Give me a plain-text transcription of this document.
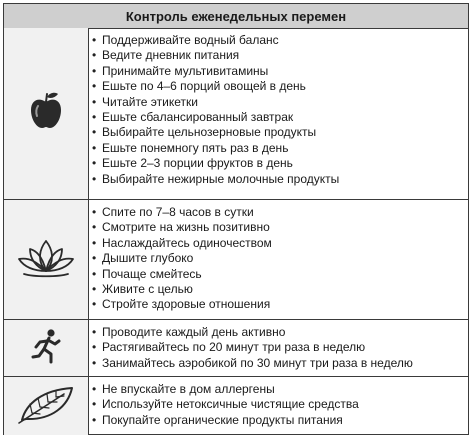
Контроль еженедельных перемен
• Поддерживайте водный баланс
• Ведите дневник питания
• Принимайте мультивитамины
• Ешьте по 4–6 порций овощей в день
• Читайте этикетки
• Ешьте сбалансированный завтрак
• Выбирайте цельнозерновые продукты
• Ешьте понемногу пять раз в день
• Ешьте 2–3 порции фруктов в день
• Выбирайте нежирные молочные продукты
• Спите по 7–8 часов в сутки
• Смотрите на жизнь позитивно
• Наслаждайтесь одиночеством
• Дышите глубоко
• Почаще смейтесь
• Живите с целью
• Стройте здоровые отношения
• Проводите каждый день активно
• Растягивайтесь по 20 минут три раза в неделю
• Занимайтесь аэробикой по 30 минут три раза в неделю
• Не впускайте в дом аллергены
• Используйте нетоксичные чистящие средства
• Покупайте органические продукты питания
